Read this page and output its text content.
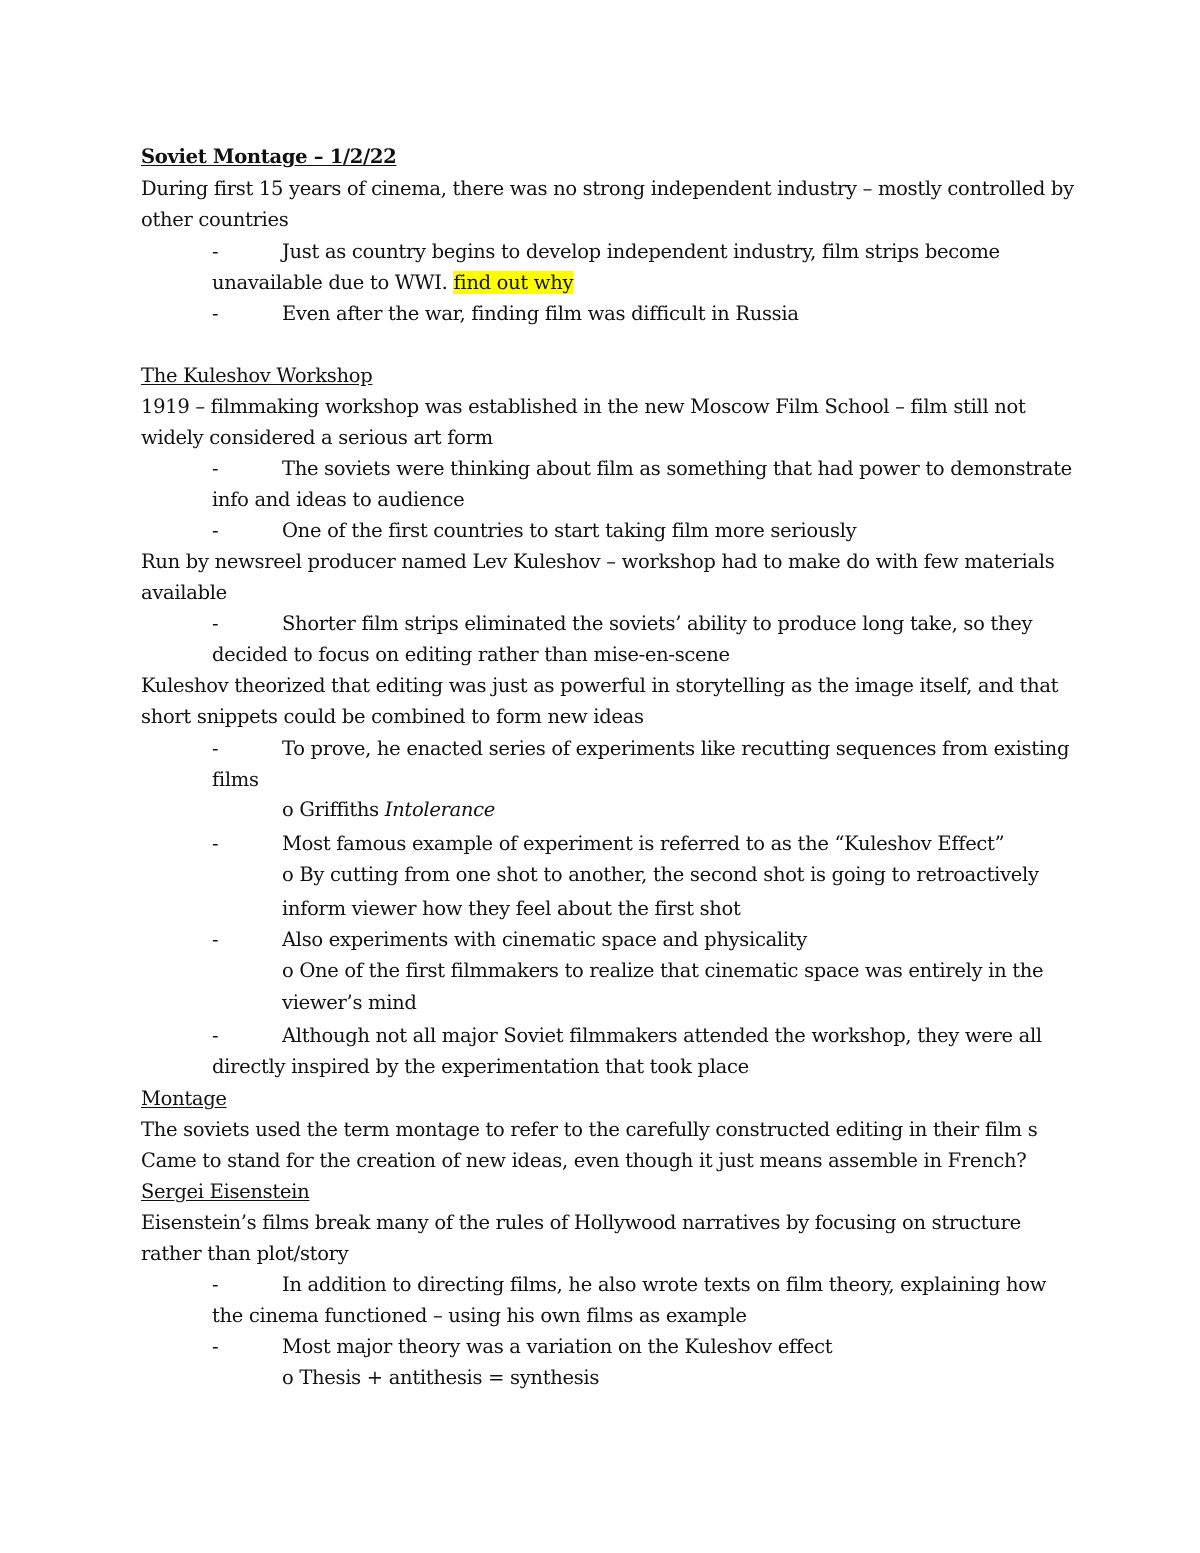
Soviet Montage – 1/2/22
During first 15 years of cinema, there was no strong independent industry – mostly controlled by
other countries
-	Just as country begins to develop independent industry, film strips become
unavailable due to WWI. find out why
-	Even after the war, finding film was difficult in Russia
The Kuleshov Workshop
1919 – filmmaking workshop was established in the new Moscow Film School – film still not
widely considered a serious art form
-	The soviets were thinking about film as something that had power to demonstrate
info and ideas to audience
-	One of the first countries to start taking film more seriously
Run by newsreel producer named Lev Kuleshov – workshop had to make do with few materials
available
-	Shorter film strips eliminated the soviets’ ability to produce long take, so they
decided to focus on editing rather than mise-en-scene
Kuleshov theorized that editing was just as powerful in storytelling as the image itself, and that
short snippets could be combined to form new ideas
-	To prove, he enacted series of experiments like recutting sequences from existing
films
o Griffiths Intolerance
-	Most famous example of experiment is referred to as the “Kuleshov Effect”
o By cutting from one shot to another, the second shot is going to retroactively
inform viewer how they feel about the first shot
-	Also experiments with cinematic space and physicality
o One of the first filmmakers to realize that cinematic space was entirely in the
viewer’s mind
-	Although not all major Soviet filmmakers attended the workshop, they were all
directly inspired by the experimentation that took place
Montage
The soviets used the term montage to refer to the carefully constructed editing in their film s
Came to stand for the creation of new ideas, even though it just means assemble in French?
Sergei Eisenstein
Eisenstein’s films break many of the rules of Hollywood narratives by focusing on structure
rather than plot/story
-	In addition to directing films, he also wrote texts on film theory, explaining how
the cinema functioned – using his own films as example
-	Most major theory was a variation on the Kuleshov effect
o Thesis + antithesis = synthesis
